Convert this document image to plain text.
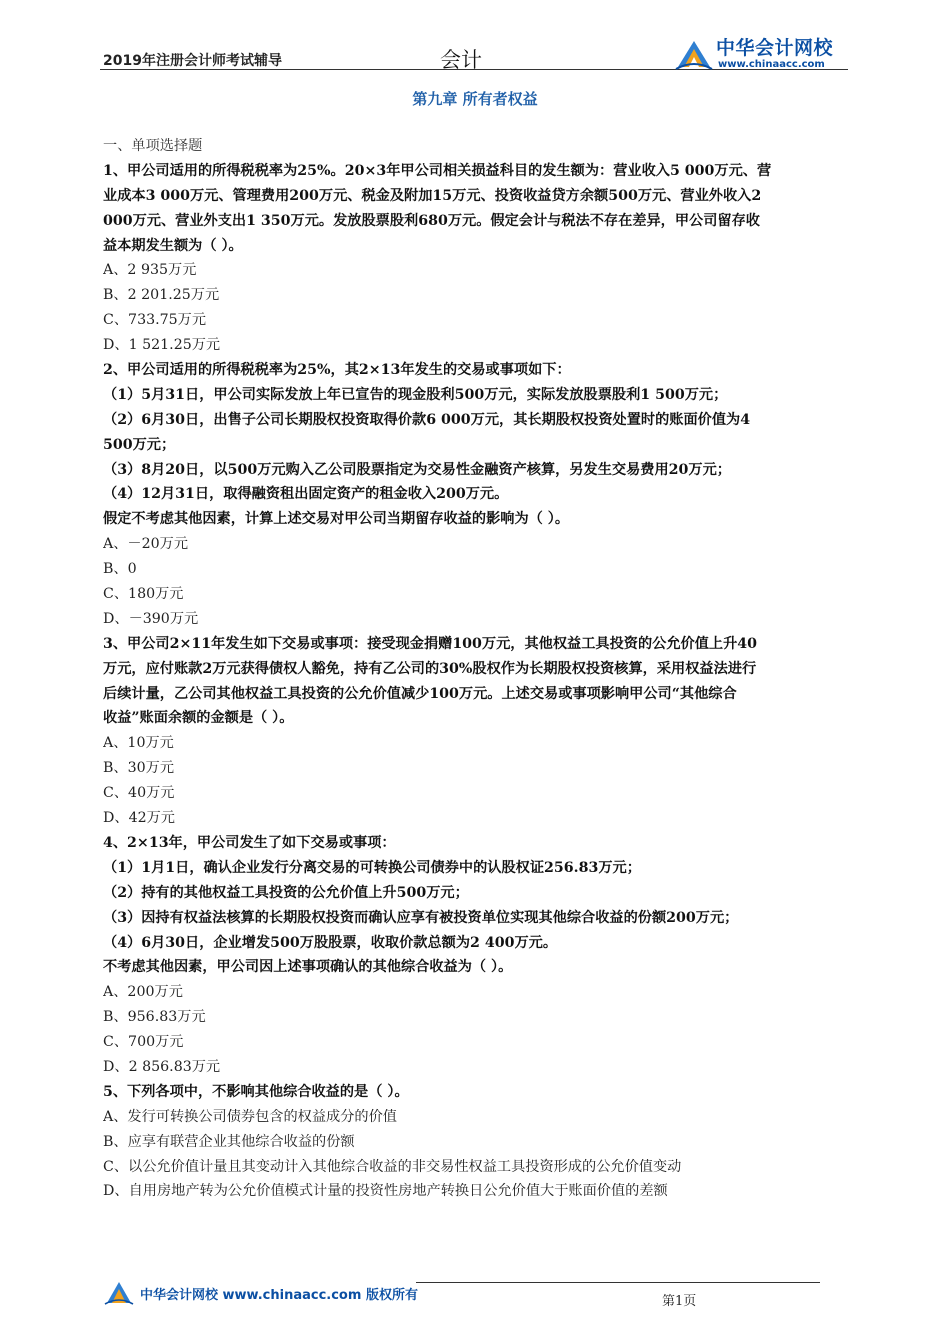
2019年注册会计师考试辅导	会计	中华会计网校
www.chinaacc.com
第九章 所有者权益
一、单项选择题
1、甲公司适用的所得税税率为25%。20×3年甲公司相关损益科目的发生额为：营业收入5 000万元、营
业成本3 000万元、管理费用200万元、税金及附加15万元、投资收益贷方余额500万元、营业外收入2
000万元、营业外支出1 350万元。发放股票股利680万元。假定会计与税法不存在差异，甲公司留存收
益本期发生额为（ ）。
A、2 935万元
B、2 201.25万元
C、733.75万元
D、1 521.25万元
2、甲公司适用的所得税税率为25%，其2×13年发生的交易或事项如下：
（1）5月31日，甲公司实际发放上年已宣告的现金股利500万元，实际发放股票股利1 500万元；
（2）6月30日，出售子公司长期股权投资取得价款6 000万元，其长期股权投资处置时的账面价值为4
500万元；
（3）8月20日，以500万元购入乙公司股票指定为交易性金融资产核算，另发生交易费用20万元；
（4）12月31日，取得融资租出固定资产的租金收入200万元。
假定不考虑其他因素，计算上述交易对甲公司当期留存收益的影响为（ ）。
A、－20万元
B、0
C、180万元
D、－390万元
3、甲公司2×11年发生如下交易或事项：接受现金捐赠100万元，其他权益工具投资的公允价值上升40
万元，应付账款2万元获得债权人豁免，持有乙公司的30%股权作为长期股权投资核算，采用权益法进行
后续计量，乙公司其他权益工具投资的公允价值减少100万元。上述交易或事项影响甲公司“其他综合
收益”账面余额的金额是（ ）。
A、10万元
B、30万元
C、40万元
D、42万元
4、2×13年，甲公司发生了如下交易或事项：
（1）1月1日，确认企业发行分离交易的可转换公司债券中的认股权证256.83万元；
（2）持有的其他权益工具投资的公允价值上升500万元；
（3）因持有权益法核算的长期股权投资而确认应享有被投资单位实现其他综合收益的份额200万元；
（4）6月30日，企业增发500万股股票，收取价款总额为2 400万元。
不考虑其他因素，甲公司因上述事项确认的其他综合收益为（ ）。
A、200万元
B、956.83万元
C、700万元
D、2 856.83万元
5、下列各项中，不影响其他综合收益的是（ ）。
A、发行可转换公司债券包含的权益成分的价值
B、应享有联营企业其他综合收益的份额
C、以公允价值计量且其变动计入其他综合收益的非交易性权益工具投资形成的公允价值变动
D、自用房地产转为公允价值模式计量的投资性房地产转换日公允价值大于账面价值的差额
中华会计网校 www.chinaacc.com 版权所有	第1页
